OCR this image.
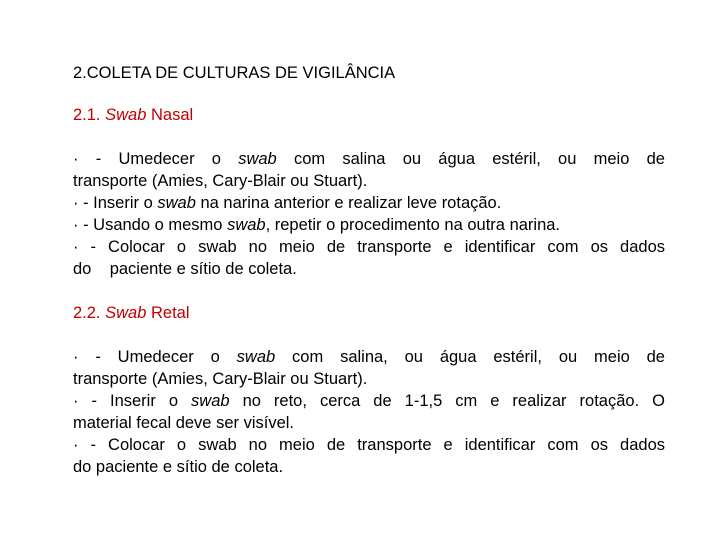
2.COLETA DE CULTURAS DE VIGILÂNCIA
2.1. Swab Nasal

· - Umedecer o swab com salina ou água estéril, ou meio de
transporte (Amies, Cary-Blair ou Stuart).

· - Inserir o swab na narina anterior e realizar leve rotação.

· - Usando o mesmo swab, repetir o procedimento na outra narina.

· - Colocar o swab no meio de transporte e identificar com os dados
do    paciente e sítio de coleta.

2.2. Swab Retal

· - Umedecer o swab com salina, ou água estéril, ou meio de
transporte (Amies, Cary-Blair ou Stuart).

· - Inserir o swab no reto, cerca de 1-1,5 cm e realizar rotação. O
material fecal deve ser visível.

· - Colocar o swab no meio de transporte e identificar com os dados
do paciente e sítio de coleta.
